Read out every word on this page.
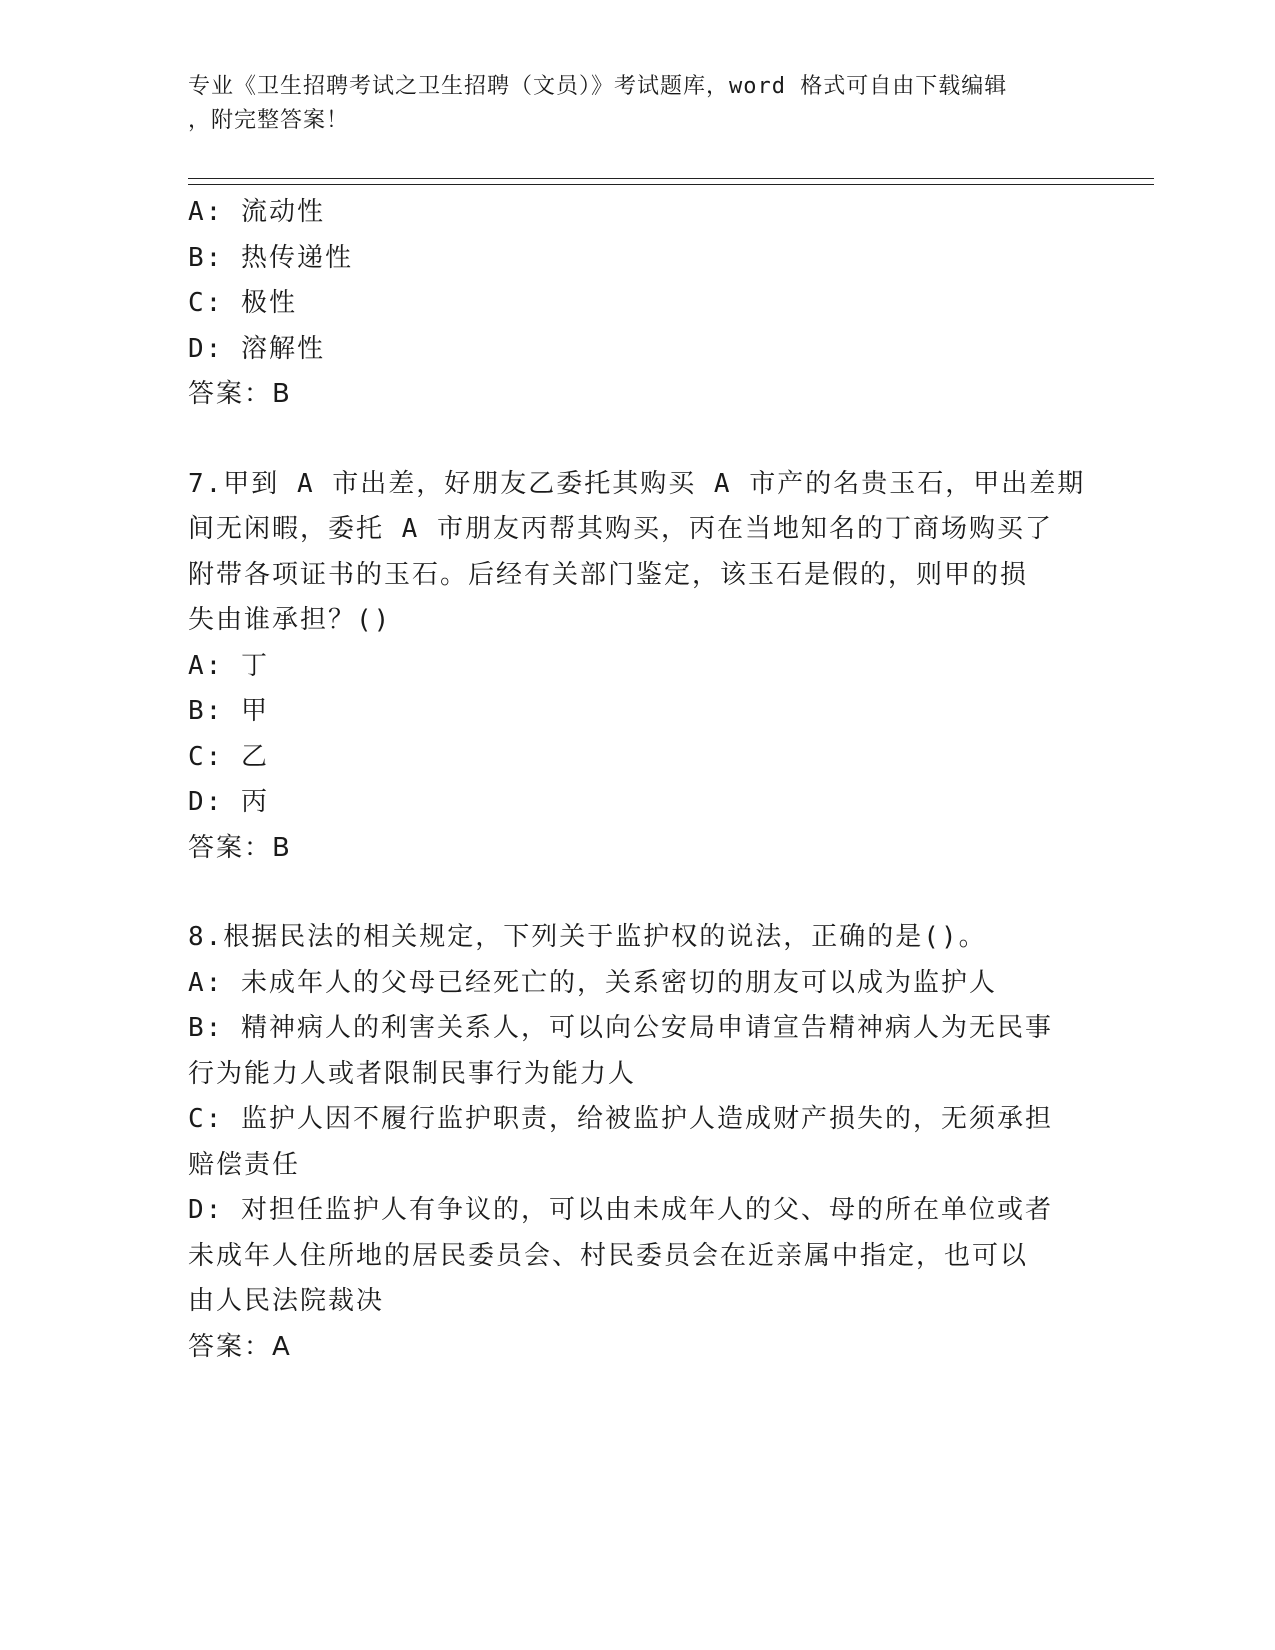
专业《卫生招聘考试之卫生招聘（文员）》考试题库，word 格式可自由下载编辑
，附完整答案！
A: 流动性
B: 热传递性
C: 极性
D: 溶解性
答案：B
7.甲到 A 市出差，好朋友乙委托其购买 A 市产的名贵玉石，甲出差期
间无闲暇，委托 A 市朋友丙帮其购买，丙在当地知名的丁商场购买了
附带各项证书的玉石。后经有关部门鉴定，该玉石是假的，则甲的损
失由谁承担？()
A: 丁
B: 甲
C: 乙
D: 丙
答案：B
8.根据民法的相关规定，下列关于监护权的说法，正确的是()。
A: 未成年人的父母已经死亡的，关系密切的朋友可以成为监护人
B: 精神病人的利害关系人，可以向公安局申请宣告精神病人为无民事
行为能力人或者限制民事行为能力人
C: 监护人因不履行监护职责，给被监护人造成财产损失的，无须承担
赔偿责任
D: 对担任监护人有争议的，可以由未成年人的父、母的所在单位或者
未成年人住所地的居民委员会、村民委员会在近亲属中指定，也可以
由人民法院裁决
答案：A
